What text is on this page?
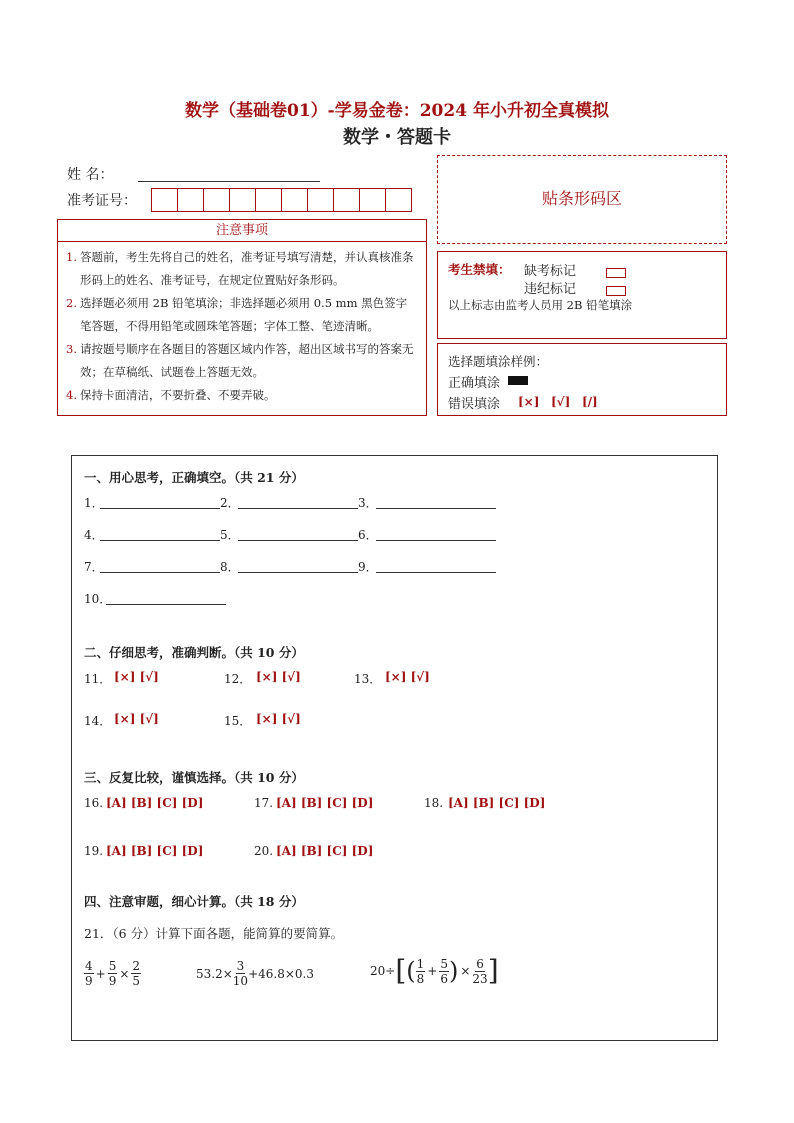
数学（基础卷01）-学易金卷：2024 年小升初全真模拟
数学・答题卡
姓 名：
准考证号：	贴条形码区
注意事项
1. 答题前，考生先将自己的姓名，准考证号填写清楚，并认真核准条形码上的姓名、准考证号，在规定位置贴好条形码。
2. 选择题必须用 2B 铅笔填涂；非选择题必须用 0.5 mm 黑色签字笔答题，不得用铅笔或圆珠笔答题；字体工整、笔迹清晰。
3. 请按题号顺序在各题目的答题区域内作答，超出区域书写的答案无效；在草稿纸、试题卷上答题无效。
4. 保持卡面清洁，不要折叠、不要弄破。
考生禁填： 缺考标记
违纪标记
以上标志由监考人员用 2B 铅笔填涂
选择题填涂样例：
正确填涂
错误填涂 [×] [√] [/]
一、用心思考，正确填空。（共 21 分）
1．	2．	3．
4．	5．	6．
7．	8．	9．
10．
二、仔细思考，准确判断。（共 10 分）
11． [×] [√]	12． [×] [√]	13． [×] [√]
14． [×] [√]	15． [×] [√]
三、反复比较，谨慎选择。（共 10 分）
16. [A] [B] [C] [D]	17. [A] [B] [C] [D]	18. [A] [B] [C] [D]
19. [A] [B] [C] [D]	20. [A] [B] [C] [D]
四、注意审题，细心计算。（共 18 分）
21．（6 分）计算下面各题，能简算的要简算。
$\frac{4}{9} + \frac{5}{9} \times \frac{2}{5}$	$53.2\times \frac{3}{10} +46.8\times 0.3$	20÷ [ ( $\frac{1}{8} + \frac{5}{6}$ ) × $\frac{6}{23}$ ]
